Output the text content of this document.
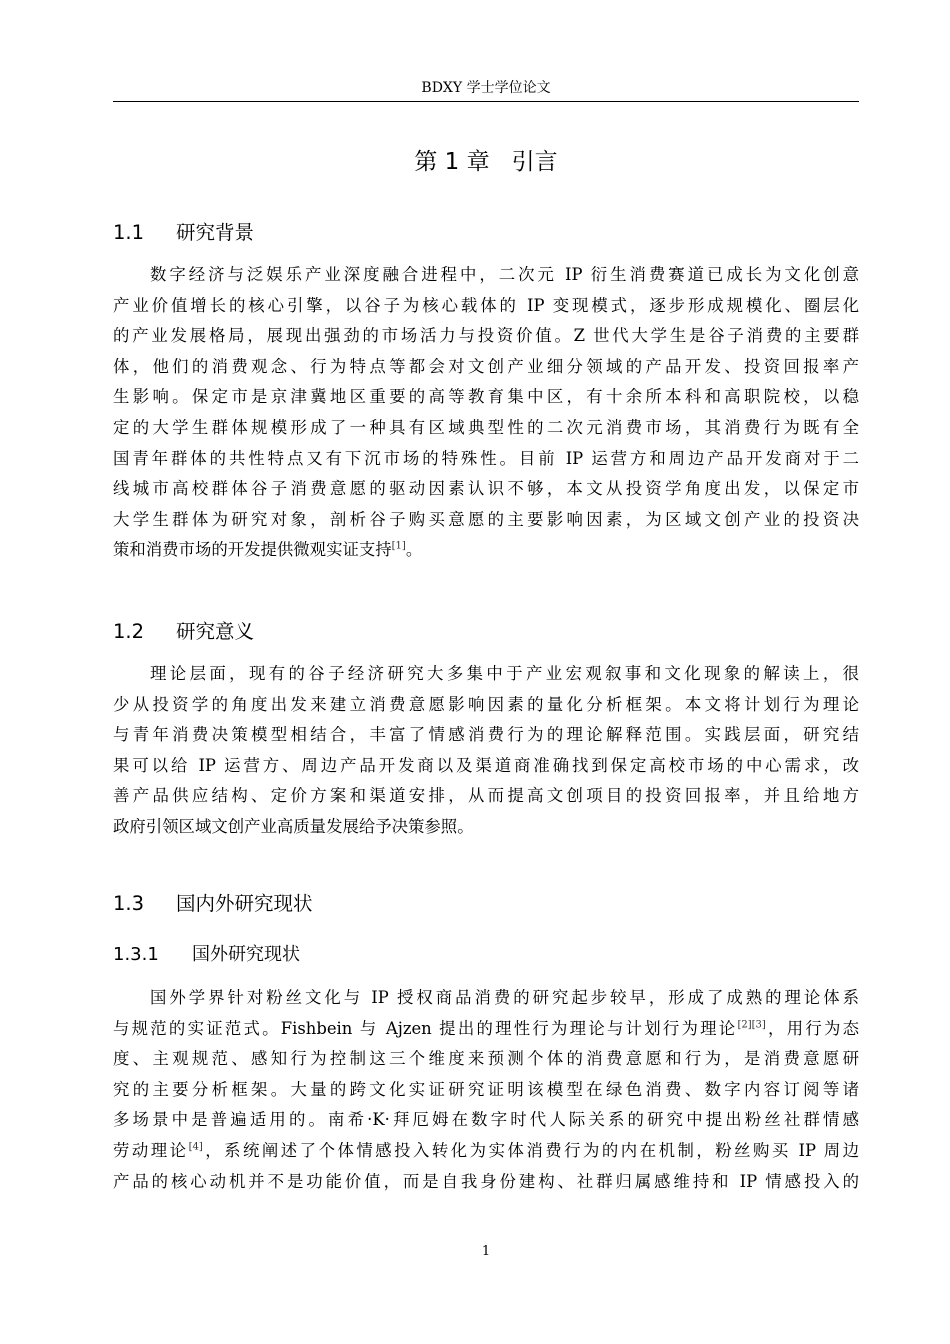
BDXY 学士学位论文
第 1 章 引言
1.1 研究背景
数字经济与泛娱乐产业深度融合进程中，二次元 IP 衍生消费赛道已成长为文化创意
产业价值增长的核心引擎，以谷子为核心载体的 IP 变现模式，逐步形成规模化、圈层化
的产业发展格局，展现出强劲的市场活力与投资价值。Z 世代大学生是谷子消费的主要群
体，他们的消费观念、行为特点等都会对文创产业细分领域的产品开发、投资回报率产
生影响。保定市是京津冀地区重要的高等教育集中区，有十余所本科和高职院校，以稳
定的大学生群体规模形成了一种具有区域典型性的二次元消费市场，其消费行为既有全
国青年群体的共性特点又有下沉市场的特殊性。目前 IP 运营方和周边产品开发商对于二
线城市高校群体谷子消费意愿的驱动因素认识不够，本文从投资学角度出发，以保定市
大学生群体为研究对象，剖析谷子购买意愿的主要影响因素，为区域文创产业的投资决
策和消费市场的开发提供微观实证支持[1]。
1.2 研究意义
理论层面，现有的谷子经济研究大多集中于产业宏观叙事和文化现象的解读上，很
少从投资学的角度出发来建立消费意愿影响因素的量化分析框架。本文将计划行为理论
与青年消费决策模型相结合，丰富了情感消费行为的理论解释范围。实践层面，研究结
果可以给 IP 运营方、周边产品开发商以及渠道商准确找到保定高校市场的中心需求，改
善产品供应结构、定价方案和渠道安排，从而提高文创项目的投资回报率，并且给地方
政府引领区域文创产业高质量发展给予决策参照。
1.3 国内外研究现状
1.3.1 国外研究现状
国外学界针对粉丝文化与 IP 授权商品消费的研究起步较早，形成了成熟的理论体系
与规范的实证范式。Fishbein 与 Ajzen 提出的理性行为理论与计划行为理论[2][3]，用行为态
度、主观规范、感知行为控制这三个维度来预测个体的消费意愿和行为，是消费意愿研
究的主要分析框架。大量的跨文化实证研究证明该模型在绿色消费、数字内容订阅等诸
多场景中是普遍适用的。南希·K·拜厄姆在数字时代人际关系的研究中提出粉丝社群情感
劳动理论[4]，系统阐述了个体情感投入转化为实体消费行为的内在机制，粉丝购买 IP 周边
产品的核心动机并不是功能价值，而是自我身份建构、社群归属感维持和 IP 情感投入的
1
